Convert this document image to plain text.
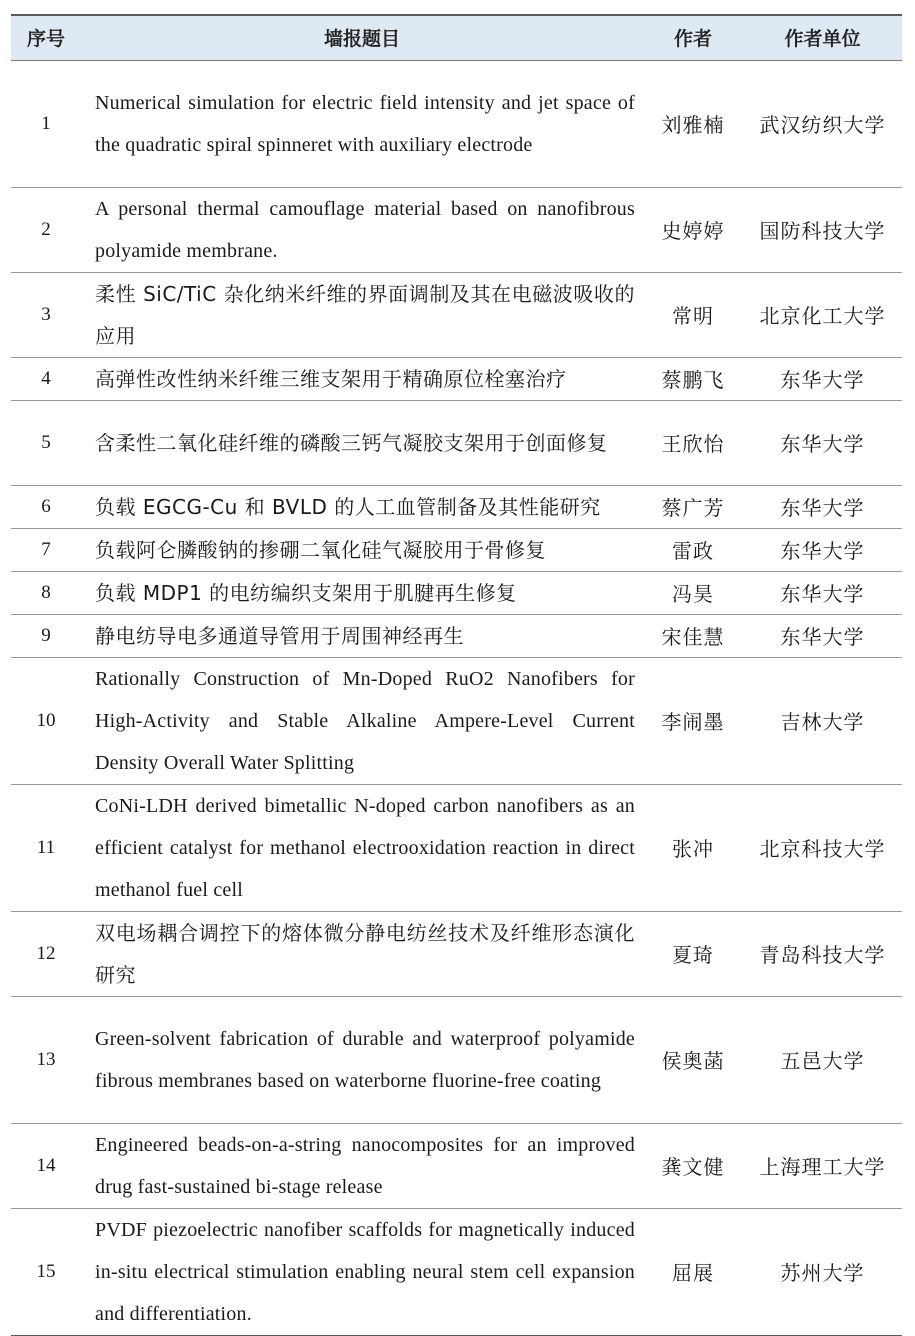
序号	墙报题目	作者	作者单位
1	Numerical simulation for electric field intensity and jet space of the quadratic spiral spinneret with auxiliary electrode	刘雅楠	武汉纺织大学
2	A personal thermal camouflage material based on nanofibrous polyamide membrane.	史婷婷	国防科技大学
3	柔性 SiC/TiC 杂化纳米纤维的界面调制及其在电磁波吸收的应用	常明	北京化工大学
4	高弹性改性纳米纤维三维支架用于精确原位栓塞治疗	蔡鹏飞	东华大学
5	含柔性二氧化硅纤维的磷酸三钙气凝胶支架用于创面修复	王欣怡	东华大学
6	负载 EGCG-Cu 和 BVLD 的人工血管制备及其性能研究	蔡广芳	东华大学
7	负载阿仑膦酸钠的掺硼二氧化硅气凝胶用于骨修复	雷政	东华大学
8	负载 MDP1 的电纺编织支架用于肌腱再生修复	冯昊	东华大学
9	静电纺导电多通道导管用于周围神经再生	宋佳慧	东华大学
10	Rationally Construction of Mn-Doped RuO2 Nanofibers for High-Activity and Stable Alkaline Ampere-Level Current Density Overall Water Splitting	李闹墨	吉林大学
11	CoNi-LDH derived bimetallic N-doped carbon nanofibers as an efficient catalyst for methanol electrooxidation reaction in direct methanol fuel cell	张冲	北京科技大学
12	双电场耦合调控下的熔体微分静电纺丝技术及纤维形态演化研究	夏琦	青岛科技大学
13	Green-solvent fabrication of durable and waterproof polyamide fibrous membranes based on waterborne fluorine-free coating	侯奥菡	五邑大学
14	Engineered beads-on-a-string nanocomposites for an improved drug fast-sustained bi-stage release	龚文健	上海理工大学
15	PVDF piezoelectric nanofiber scaffolds for magnetically induced in-situ electrical stimulation enabling neural stem cell expansion and differentiation.	屈展	苏州大学
